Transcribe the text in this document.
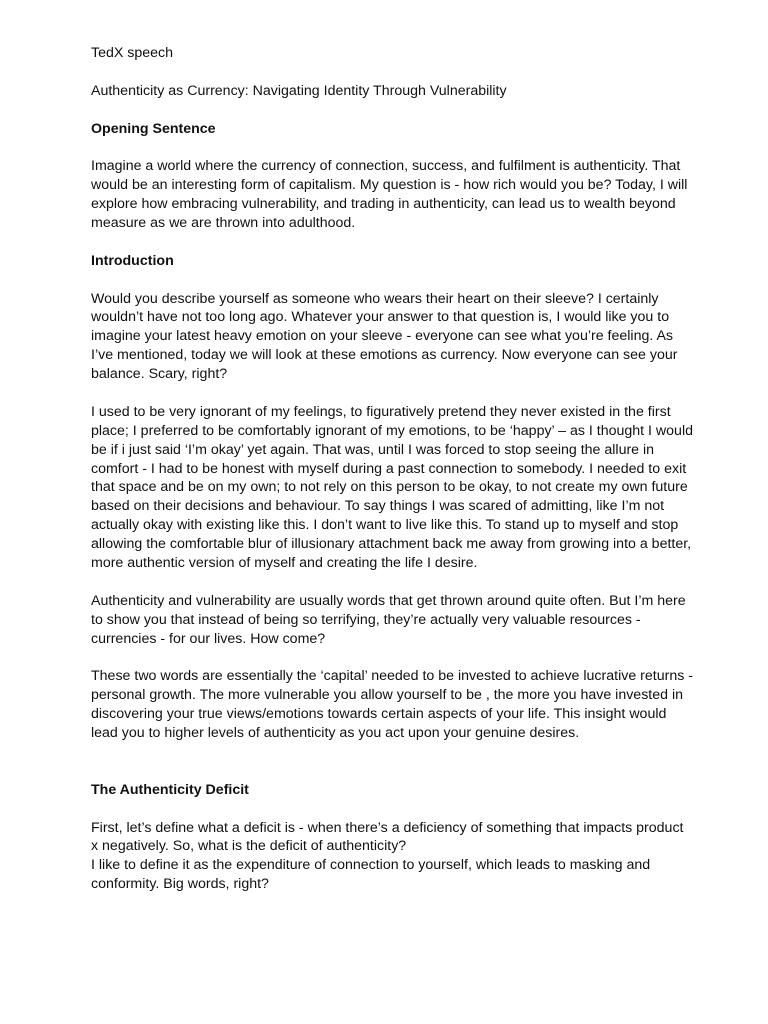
TedX speech
Authenticity as Currency: Navigating Identity Through Vulnerability
Opening Sentence
Imagine a world where the currency of connection, success, and fulfilment is authenticity. That
would be an interesting form of capitalism. My question is - how rich would you be? Today, I will
explore how embracing vulnerability, and trading in authenticity, can lead us to wealth beyond
measure as we are thrown into adulthood.
Introduction
Would you describe yourself as someone who wears their heart on their sleeve? I certainly
wouldn’t have not too long ago. Whatever your answer to that question is, I would like you to
imagine your latest heavy emotion on your sleeve - everyone can see what you’re feeling. As
I’ve mentioned, today we will look at these emotions as currency. Now everyone can see your
balance. Scary, right?
I used to be very ignorant of my feelings, to figuratively pretend they never existed in the first
place; I preferred to be comfortably ignorant of my emotions, to be ‘happy’ – as I thought I would
be if i just said ‘I’m okay’ yet again. That was, until I was forced to stop seeing the allure in
comfort - I had to be honest with myself during a past connection to somebody. I needed to exit
that space and be on my own; to not rely on this person to be okay, to not create my own future
based on their decisions and behaviour. To say things I was scared of admitting, like I’m not
actually okay with existing like this. I don’t want to live like this. To stand up to myself and stop
allowing the comfortable blur of illusionary attachment back me away from growing into a better,
more authentic version of myself and creating the life I desire.
Authenticity and vulnerability are usually words that get thrown around quite often. But I’m here
to show you that instead of being so terrifying, they’re actually very valuable resources -
currencies - for our lives. How come?
These two words are essentially the ‘capital’ needed to be invested to achieve lucrative returns -
personal growth. The more vulnerable you allow yourself to be , the more you have invested in
discovering your true views/emotions towards certain aspects of your life. This insight would
lead you to higher levels of authenticity as you act upon your genuine desires.
The Authenticity Deficit
First, let’s define what a deficit is - when there’s a deficiency of something that impacts product
x negatively. So, what is the deficit of authenticity?
I like to define it as the expenditure of connection to yourself, which leads to masking and
conformity. Big words, right?
